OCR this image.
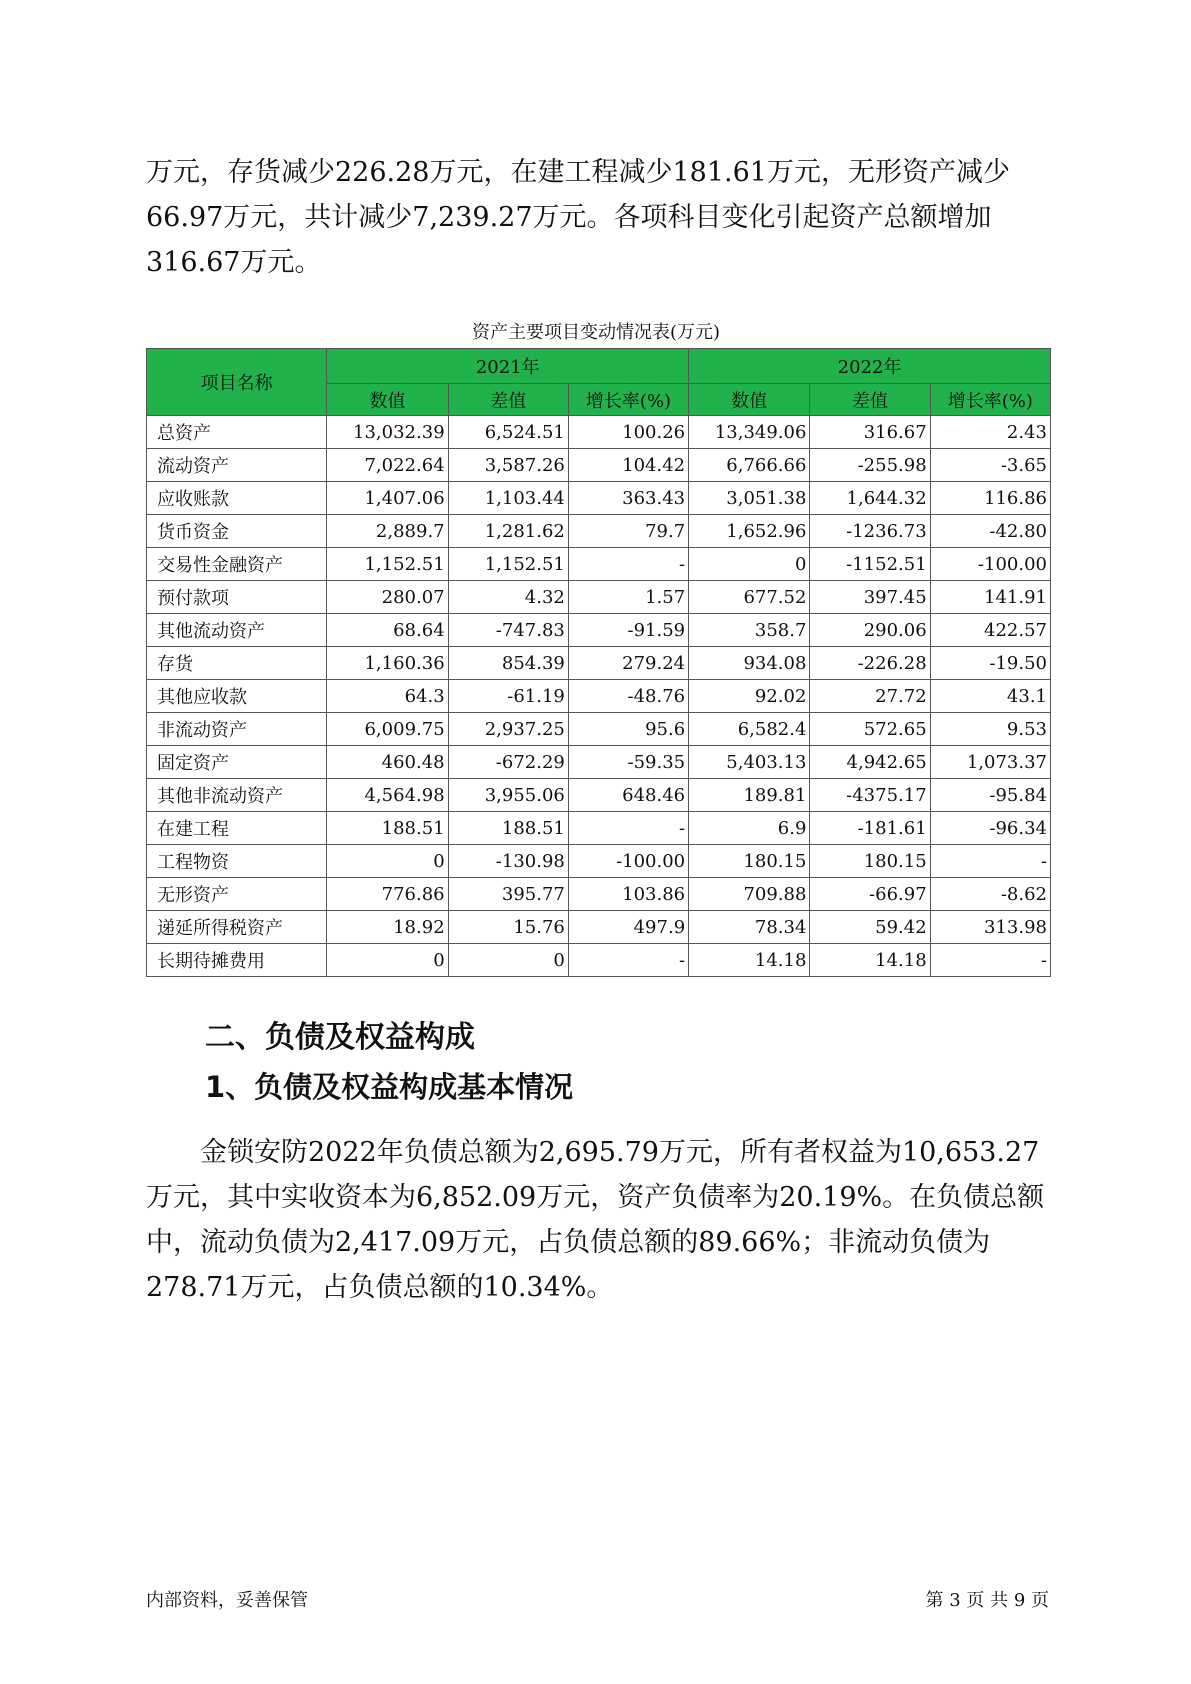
万元，存货减少226.28万元，在建工程减少181.61万元，无形资产减少66.97万元，共计减少7,239.27万元。各项科目变化引起资产总额增加316.67万元。

资产主要项目变动情况表(万元)
项目名称	2021年			2022年		
	数值	差值	增长率(%)	数值	差值	增长率(%)
总资产	13,032.39	6,524.51	100.26	13,349.06	316.67	2.43
流动资产	7,022.64	3,587.26	104.42	6,766.66	-255.98	-3.65
应收账款	1,407.06	1,103.44	363.43	3,051.38	1,644.32	116.86
货币资金	2,889.7	1,281.62	79.7	1,652.96	-1236.73	-42.80
交易性金融资产	1,152.51	1,152.51	-	0	-1152.51	-100.00
预付款项	280.07	4.32	1.57	677.52	397.45	141.91
其他流动资产	68.64	-747.83	-91.59	358.7	290.06	422.57
存货	1,160.36	854.39	279.24	934.08	-226.28	-19.50
其他应收款	64.3	-61.19	-48.76	92.02	27.72	43.1
非流动资产	6,009.75	2,937.25	95.6	6,582.4	572.65	9.53
固定资产	460.48	-672.29	-59.35	5,403.13	4,942.65	1,073.37
其他非流动资产	4,564.98	3,955.06	648.46	189.81	-4375.17	-95.84
在建工程	188.51	188.51	-	6.9	-181.61	-96.34
工程物资	0	-130.98	-100.00	180.15	180.15	-
无形资产	776.86	395.77	103.86	709.88	-66.97	-8.62
递延所得税资产	18.92	15.76	497.9	78.34	59.42	313.98
长期待摊费用	0	0	-	14.18	14.18	-
二、负债及权益构成
1、负债及权益构成基本情况

金锁安防2022年负债总额为2,695.79万元，所有者权益为10,653.27万元，其中实收资本为6,852.09万元，资产负债率为20.19%。在负债总额中，流动负债为2,417.09万元，占负债总额的89.66%；非流动负债为278.71万元，占负债总额的10.34%。

内部资料，妥善保管	第 3 页 共 9 页
